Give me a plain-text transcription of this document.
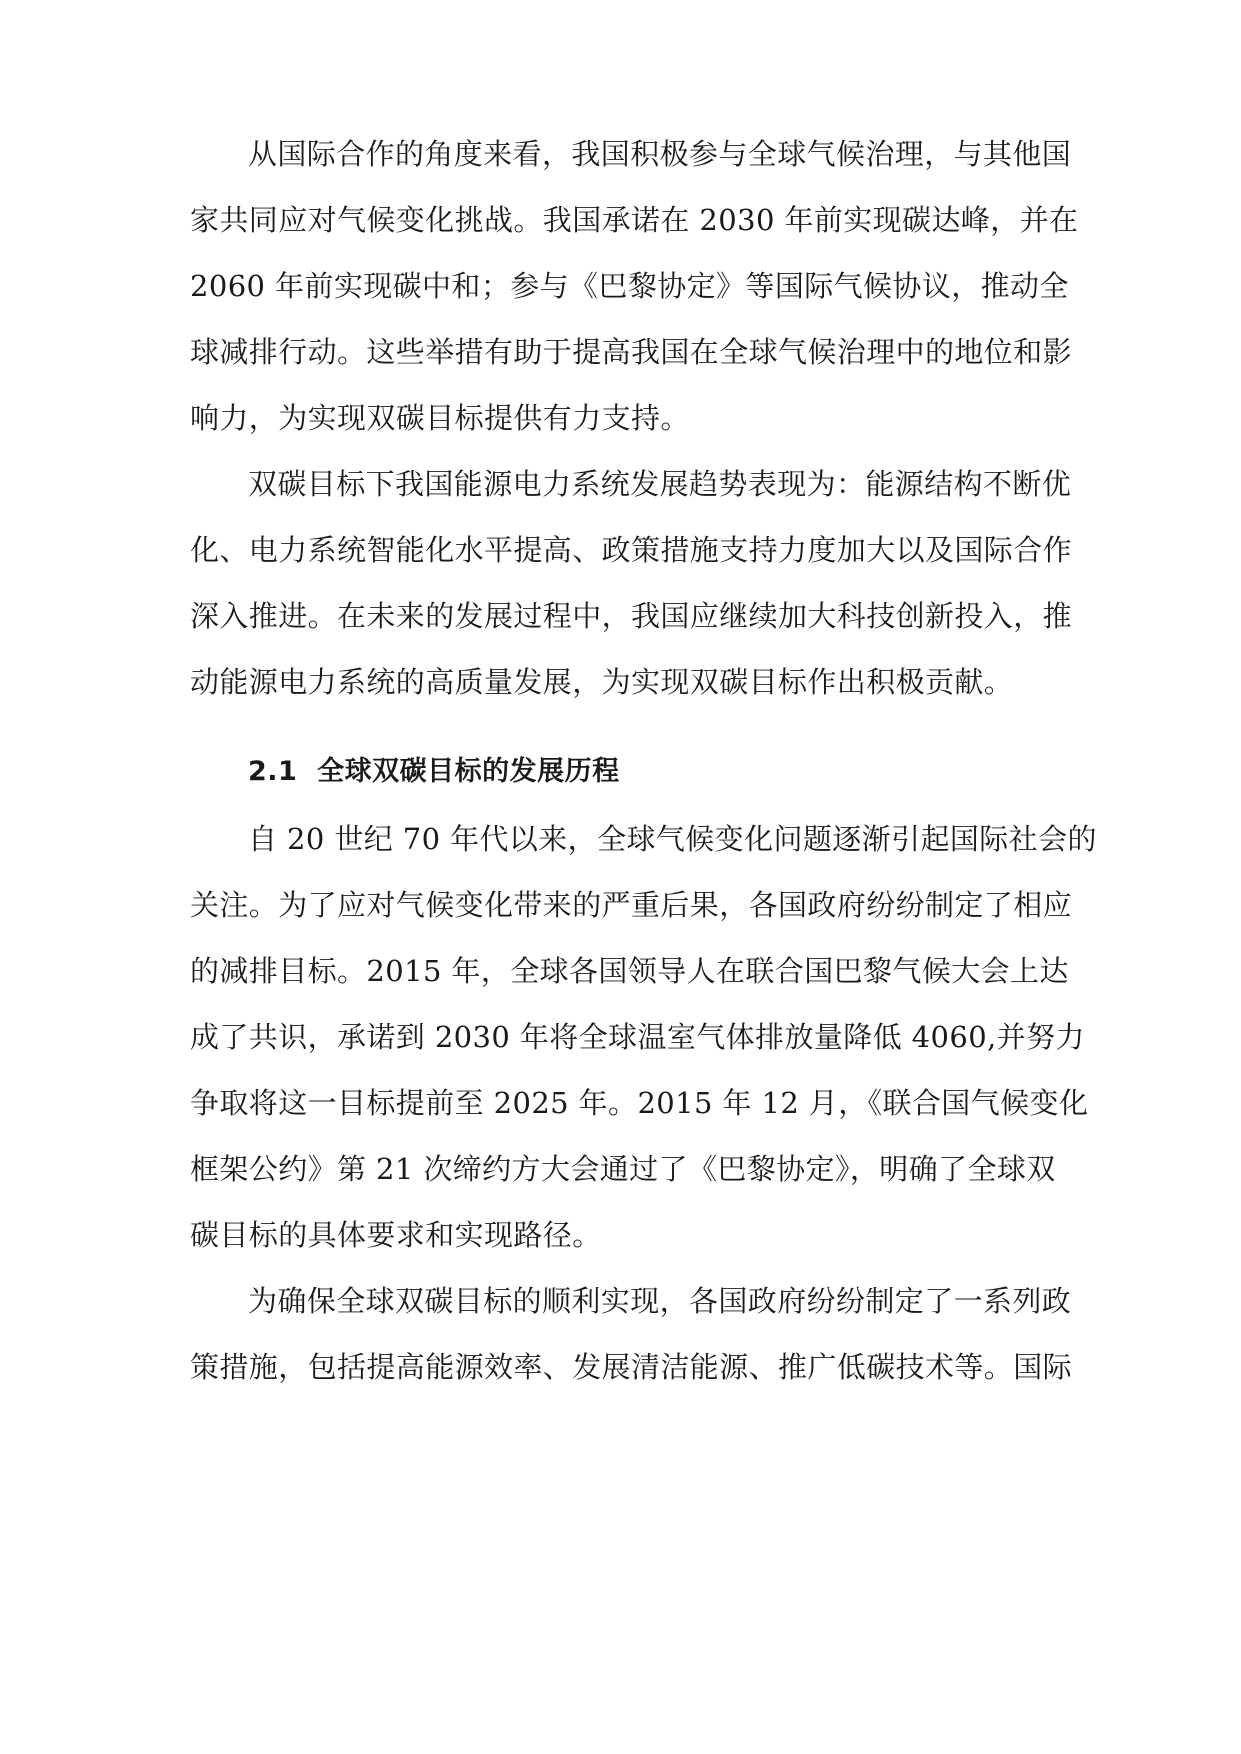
从国际合作的角度来看，我国积极参与全球气候治理，与其他国
家共同应对气候变化挑战。我国承诺在 2030 年前实现碳达峰，并在
2060 年前实现碳中和；参与《巴黎协定》等国际气候协议，推动全
球减排行动。这些举措有助于提高我国在全球气候治理中的地位和影
响力，为实现双碳目标提供有力支持。
双碳目标下我国能源电力系统发展趋势表现为：能源结构不断优
化、电力系统智能化水平提高、政策措施支持力度加大以及国际合作
深入推进。在未来的发展过程中，我国应继续加大科技创新投入，推
动能源电力系统的高质量发展，为实现双碳目标作出积极贡献。
2.1 全球双碳目标的发展历程
自 20 世纪 70 年代以来，全球气候变化问题逐渐引起国际社会的
关注。为了应对气候变化带来的严重后果，各国政府纷纷制定了相应
的减排目标。2015 年，全球各国领导人在联合国巴黎气候大会上达
成了共识，承诺到 2030 年将全球温室气体排放量降低 4060,并努力
争取将这一目标提前至 2025 年。2015 年 12 月，《联合国气候变化
框架公约》第 21 次缔约方大会通过了《巴黎协定》，明确了全球双
碳目标的具体要求和实现路径。
为确保全球双碳目标的顺利实现，各国政府纷纷制定了一系列政
策措施，包括提高能源效率、发展清洁能源、推广低碳技术等。国际
